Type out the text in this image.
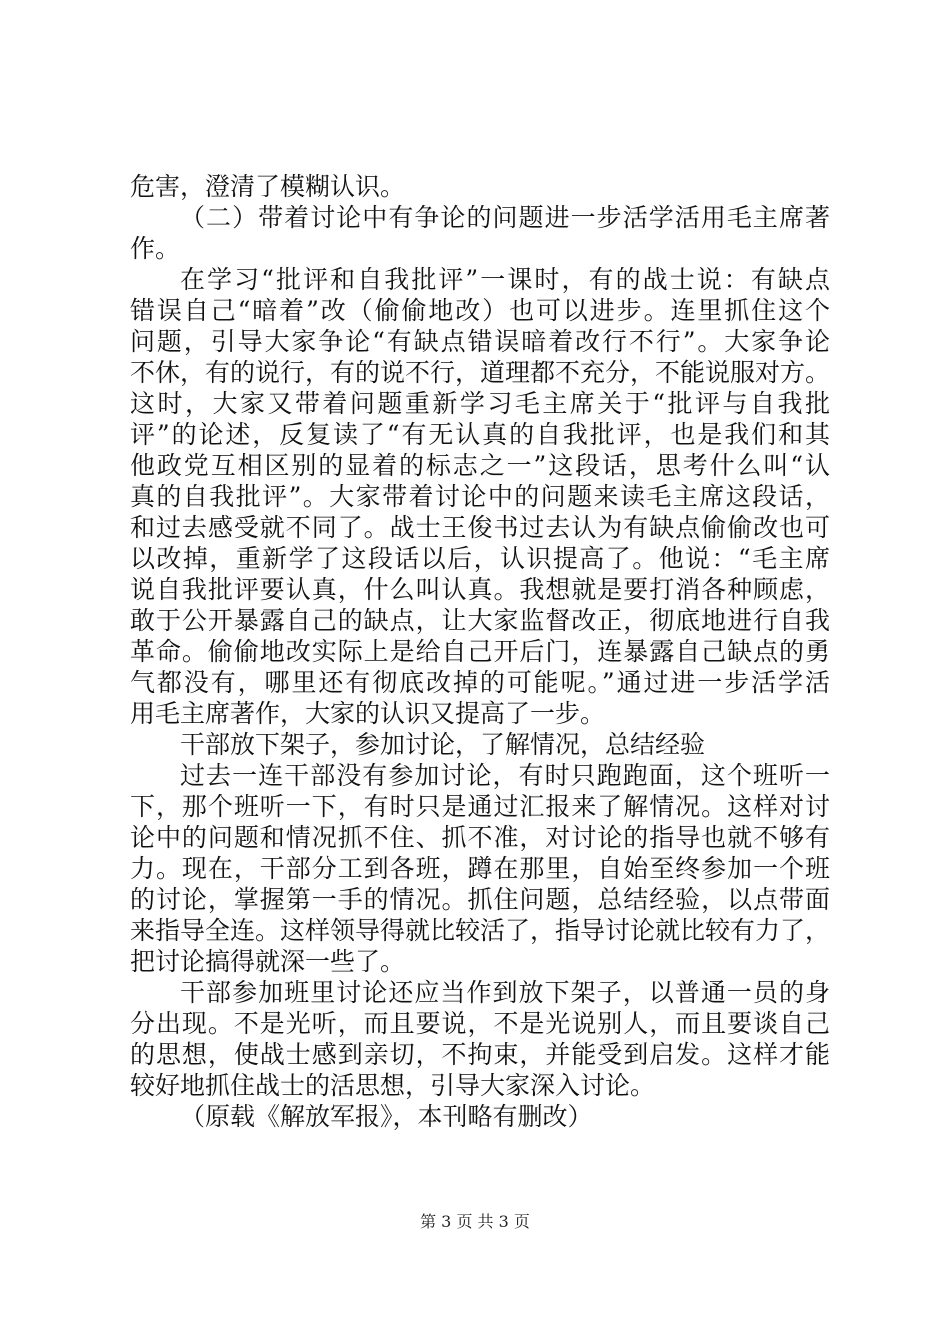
危害，澄清了模糊认识。
（二）带着讨论中有争论的问题进一步活学活用毛主席著
作。
在学习“批评和自我批评”一课时，有的战士说：有缺点
错误自己“暗着”改（偷偷地改）也可以进步。连里抓住这个
问题，引导大家争论“有缺点错误暗着改行不行”。大家争论
不休，有的说行，有的说不行，道理都不充分，不能说服对方。
这时，大家又带着问题重新学习毛主席关于“批评与自我批
评”的论述，反复读了“有无认真的自我批评，也是我们和其
他政党互相区别的显着的标志之一”这段话，思考什么叫“认
真的自我批评”。大家带着讨论中的问题来读毛主席这段话，
和过去感受就不同了。战士王俊书过去认为有缺点偷偷改也可
以改掉，重新学了这段话以后，认识提高了。他说：“毛主席
说自我批评要认真，什么叫认真。我想就是要打消各种顾虑，
敢于公开暴露自己的缺点，让大家监督改正，彻底地进行自我
革命。偷偷地改实际上是给自己开后门，连暴露自己缺点的勇
气都没有，哪里还有彻底改掉的可能呢。”通过进一步活学活
用毛主席著作，大家的认识又提高了一步。
干部放下架子，参加讨论，了解情况，总结经验
过去一连干部没有参加讨论，有时只跑跑面，这个班听一
下，那个班听一下，有时只是通过汇报来了解情况。这样对讨
论中的问题和情况抓不住、抓不准，对讨论的指导也就不够有
力。现在，干部分工到各班，蹲在那里，自始至终参加一个班
的讨论，掌握第一手的情况。抓住问题，总结经验，以点带面
来指导全连。这样领导得就比较活了，指导讨论就比较有力了，
把讨论搞得就深一些了。
干部参加班里讨论还应当作到放下架子，以普通一员的身
分出现。不是光听，而且要说，不是光说别人，而且要谈自己
的思想，使战士感到亲切，不拘束，并能受到启发。这样才能
较好地抓住战士的活思想，引导大家深入讨论。
（原载《解放军报》，本刊略有删改）
第 3 页 共 3 页
